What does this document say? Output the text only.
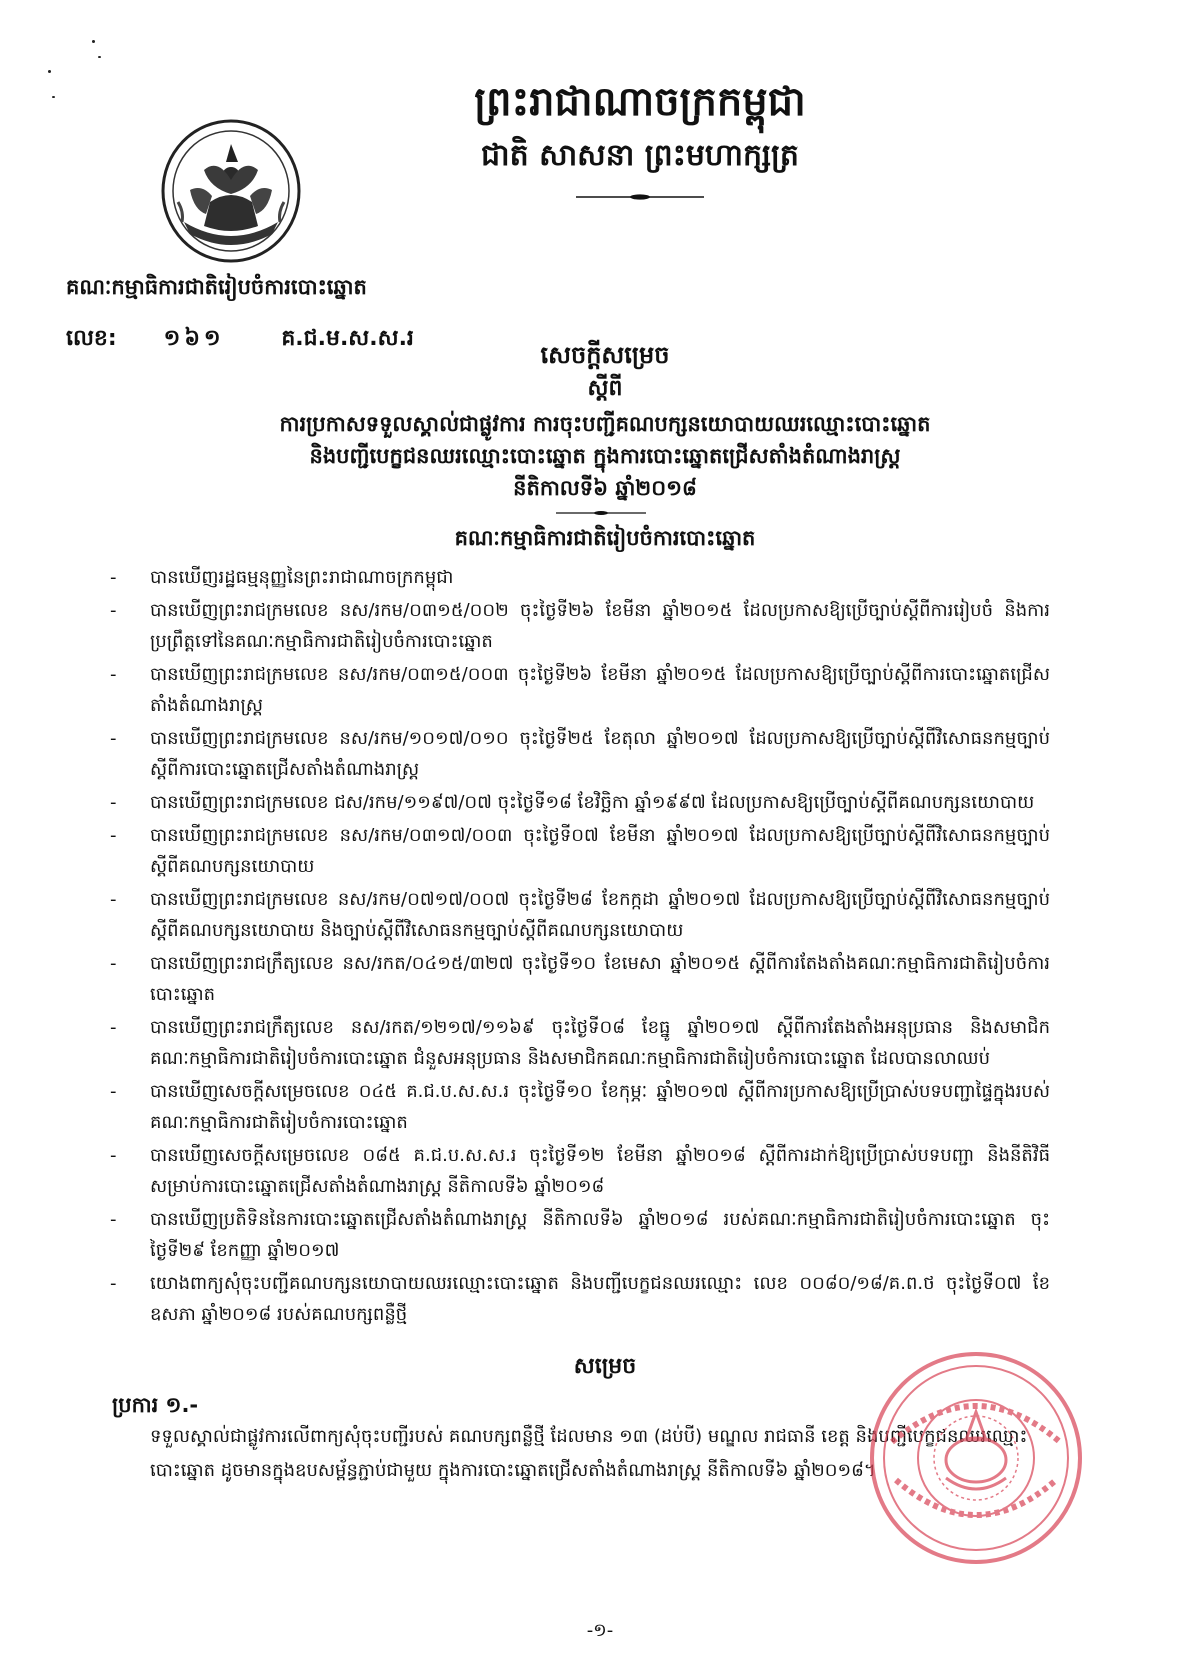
ព្រះរាជាណាចក្រកម្ពុជា
ជាតិ សាសនា ព្រះមហាក្សត្រ
គណៈកម្មាធិការជាតិរៀបចំការបោះឆ្នោត
លេខ: ១៦១	គ.ជ.ម.ស.ស.រ
សេចក្តីសម្រេច
ស្តីពី
ការប្រកាសទទួលស្គាល់ជាផ្លូវការ ការចុះបញ្ជីគណបក្សនយោបាយឈរឈ្មោះបោះឆ្នោត
និងបញ្ជីបេក្ខជនឈរឈ្មោះបោះឆ្នោត ក្នុងការបោះឆ្នោតជ្រើសតាំងតំណាងរាស្ត្រ
នីតិកាលទី៦ ឆ្នាំ២០១៨
គណៈកម្មាធិការជាតិរៀបចំការបោះឆ្នោត
- បានឃើញរដ្ឋធម្មនុញ្ញនៃព្រះរាជាណាចក្រកម្ពុជា
- បានឃើញព្រះរាជក្រមលេខ នស/រកម/០៣១៥/០០២ ចុះថ្ងៃទី២៦ ខែមីនា ឆ្នាំ២០១៥ ដែលប្រកាសឱ្យប្រើច្បាប់ស្តីពីការរៀបចំ និងការប្រព្រឹត្តទៅនៃគណៈកម្មាធិការជាតិរៀបចំការបោះឆ្នោត
- បានឃើញព្រះរាជក្រមលេខ នស/រកម/០៣១៥/០០៣ ចុះថ្ងៃទី២៦ ខែមីនា ឆ្នាំ២០១៥ ដែលប្រកាសឱ្យប្រើច្បាប់ស្តីពីការបោះឆ្នោតជ្រើសតាំងតំណាងរាស្ត្រ
- បានឃើញព្រះរាជក្រមលេខ នស/រកម/១០១៧/០១០ ចុះថ្ងៃទី២៥ ខែតុលា ឆ្នាំ២០១៧ ដែលប្រកាសឱ្យប្រើច្បាប់ស្តីពីវិសោធនកម្មច្បាប់ស្តីពីការបោះឆ្នោតជ្រើសតាំងតំណាងរាស្ត្រ
- បានឃើញព្រះរាជក្រមលេខ ជស/រកម/១១៩៧/០៧ ចុះថ្ងៃទី១៨ ខែវិច្ឆិកា ឆ្នាំ១៩៩៧ ដែលប្រកាសឱ្យប្រើច្បាប់ស្តីពីគណបក្សនយោបាយ
- បានឃើញព្រះរាជក្រមលេខ នស/រកម/០៣១៧/០០៣ ចុះថ្ងៃទី០៧ ខែមីនា ឆ្នាំ២០១៧ ដែលប្រកាសឱ្យប្រើច្បាប់ស្តីពីវិសោធនកម្មច្បាប់ស្តីពីគណបក្សនយោបាយ
- បានឃើញព្រះរាជក្រមលេខ នស/រកម/០៧១៧/០០៧ ចុះថ្ងៃទី២៨ ខែកក្កដា ឆ្នាំ២០១៧ ដែលប្រកាសឱ្យប្រើច្បាប់ស្តីពីវិសោធនកម្មច្បាប់ស្តីពីគណបក្សនយោបាយ និងច្បាប់ស្តីពីវិសោធនកម្មច្បាប់ស្តីពីគណបក្សនយោបាយ
- បានឃើញព្រះរាជក្រឹត្យលេខ នស/រកត/០៤១៥/៣២៧ ចុះថ្ងៃទី១០ ខែមេសា ឆ្នាំ២០១៥ ស្តីពីការតែងតាំងគណៈកម្មាធិការជាតិរៀបចំការបោះឆ្នោត
- បានឃើញព្រះរាជក្រឹត្យលេខ នស/រកត/១២១៧/១១៦៩ ចុះថ្ងៃទី០៨ ខែធ្នូ ឆ្នាំ២០១៧ ស្តីពីការតែងតាំងអនុប្រធាន និងសមាជិកគណៈកម្មាធិការជាតិរៀបចំការបោះឆ្នោត ជំនួសអនុប្រធាន និងសមាជិកគណៈកម្មាធិការជាតិរៀបចំការបោះឆ្នោត ដែលបានលាឈប់
- បានឃើញសេចក្តីសម្រេចលេខ ០៤៥ គ.ជ.ប.ស.ស.រ ចុះថ្ងៃទី១០ ខែកុម្ភៈ ឆ្នាំ២០១៧ ស្តីពីការប្រកាសឱ្យប្រើប្រាស់បទបញ្ជាផ្ទៃក្នុងរបស់គណៈកម្មាធិការជាតិរៀបចំការបោះឆ្នោត
- បានឃើញសេចក្តីសម្រេចលេខ ០៨៥ គ.ជ.ប.ស.ស.រ ចុះថ្ងៃទី១២ ខែមីនា ឆ្នាំ២០១៨ ស្តីពីការដាក់ឱ្យប្រើប្រាស់បទបញ្ជា និងនីតិវិធីសម្រាប់ការបោះឆ្នោតជ្រើសតាំងតំណាងរាស្ត្រ នីតិកាលទី៦ ឆ្នាំ២០១៨
- បានឃើញប្រតិទិននៃការបោះឆ្នោតជ្រើសតាំងតំណាងរាស្ត្រ នីតិកាលទី៦ ឆ្នាំ២០១៨ របស់គណៈកម្មាធិការជាតិរៀបចំការបោះឆ្នោត ចុះថ្ងៃទី២៩ ខែកញ្ញា ឆ្នាំ២០១៧
- យោងពាក្យសុំចុះបញ្ជីគណបក្សនយោបាយឈរឈ្មោះបោះឆ្នោត និងបញ្ជីបេក្ខជនឈរឈ្មោះ លេខ ០០៨០/១៨/គ.ព.ថ ចុះថ្ងៃទី០៧ ខែឧសភា ឆ្នាំ២០១៨ របស់គណបក្សពន្លឺថ្មី
សម្រេច
ប្រការ ១.-
ទទួលស្គាល់ជាផ្លូវការលើពាក្យសុំចុះបញ្ជីរបស់ គណបក្សពន្លឺថ្មី ដែលមាន ១៣ (ដប់បី) មណ្ឌល រាជធានី ខេត្ត និងបញ្ជីបេក្ខជនឈរឈ្មោះបោះឆ្នោត ដូចមានក្នុងឧបសម្ព័ន្ធភ្ជាប់ជាមួយ ក្នុងការបោះឆ្នោតជ្រើសតាំងតំណាងរាស្ត្រ នីតិកាលទី៦ ឆ្នាំ២០១៨។
-១-
